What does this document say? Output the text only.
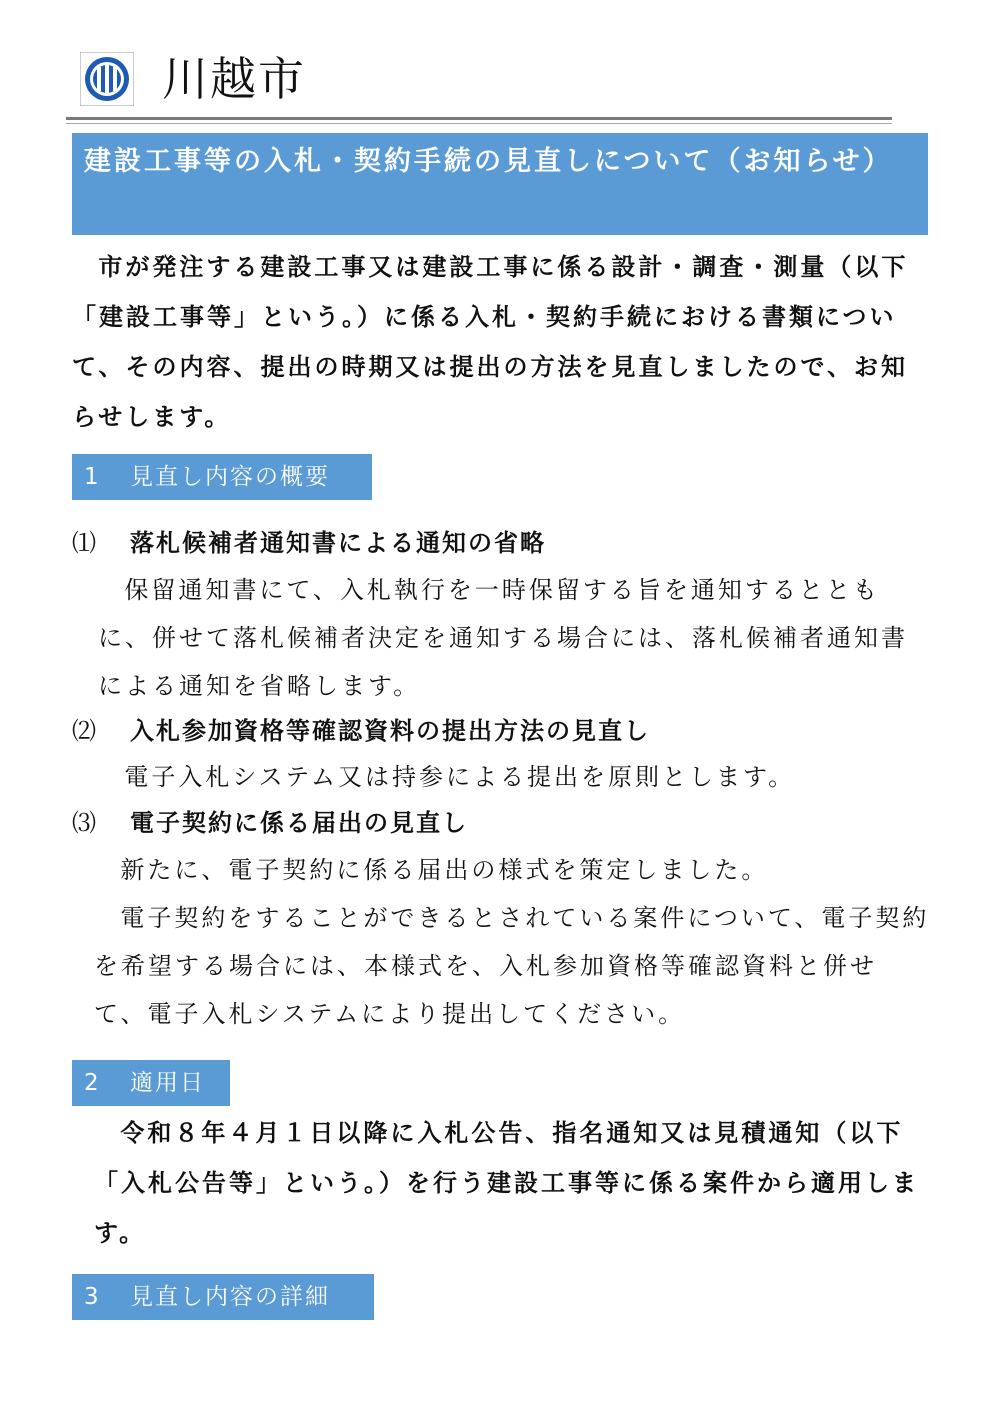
川越市
建設工事等の入札・契約手続の見直しについて（お知らせ）

市が発注する建設工事又は建設工事に係る設計・調査・測量（以下「建設工事等」という。）に係る入札・契約手続における書類について、その内容、提出の時期又は提出の方法を見直しましたので、お知らせします。

1 見直し内容の概要
⑴ 落札候補者通知書による通知の省略

保留通知書にて、入札執行を一時保留する旨を通知するとともに、併せて落札候補者決定を通知する場合には、落札候補者通知書による通知を省略します。

⑵ 入札参加資格等確認資料の提出方法の見直し

電子入札システム又は持参による提出を原則とします。

⑶ 電子契約に係る届出の見直し

新たに、電子契約に係る届出の様式を策定しました。

電子契約をすることができるとされている案件について、電子契約を希望する場合には、本様式を、入札参加資格等確認資料と併せて、電子入札システムにより提出してください。

2 適用日

令和８年４月１日以降に入札公告、指名通知又は見積通知（以下「入札公告等」という。）を行う建設工事等に係る案件から適用します。

3 見直し内容の詳細
